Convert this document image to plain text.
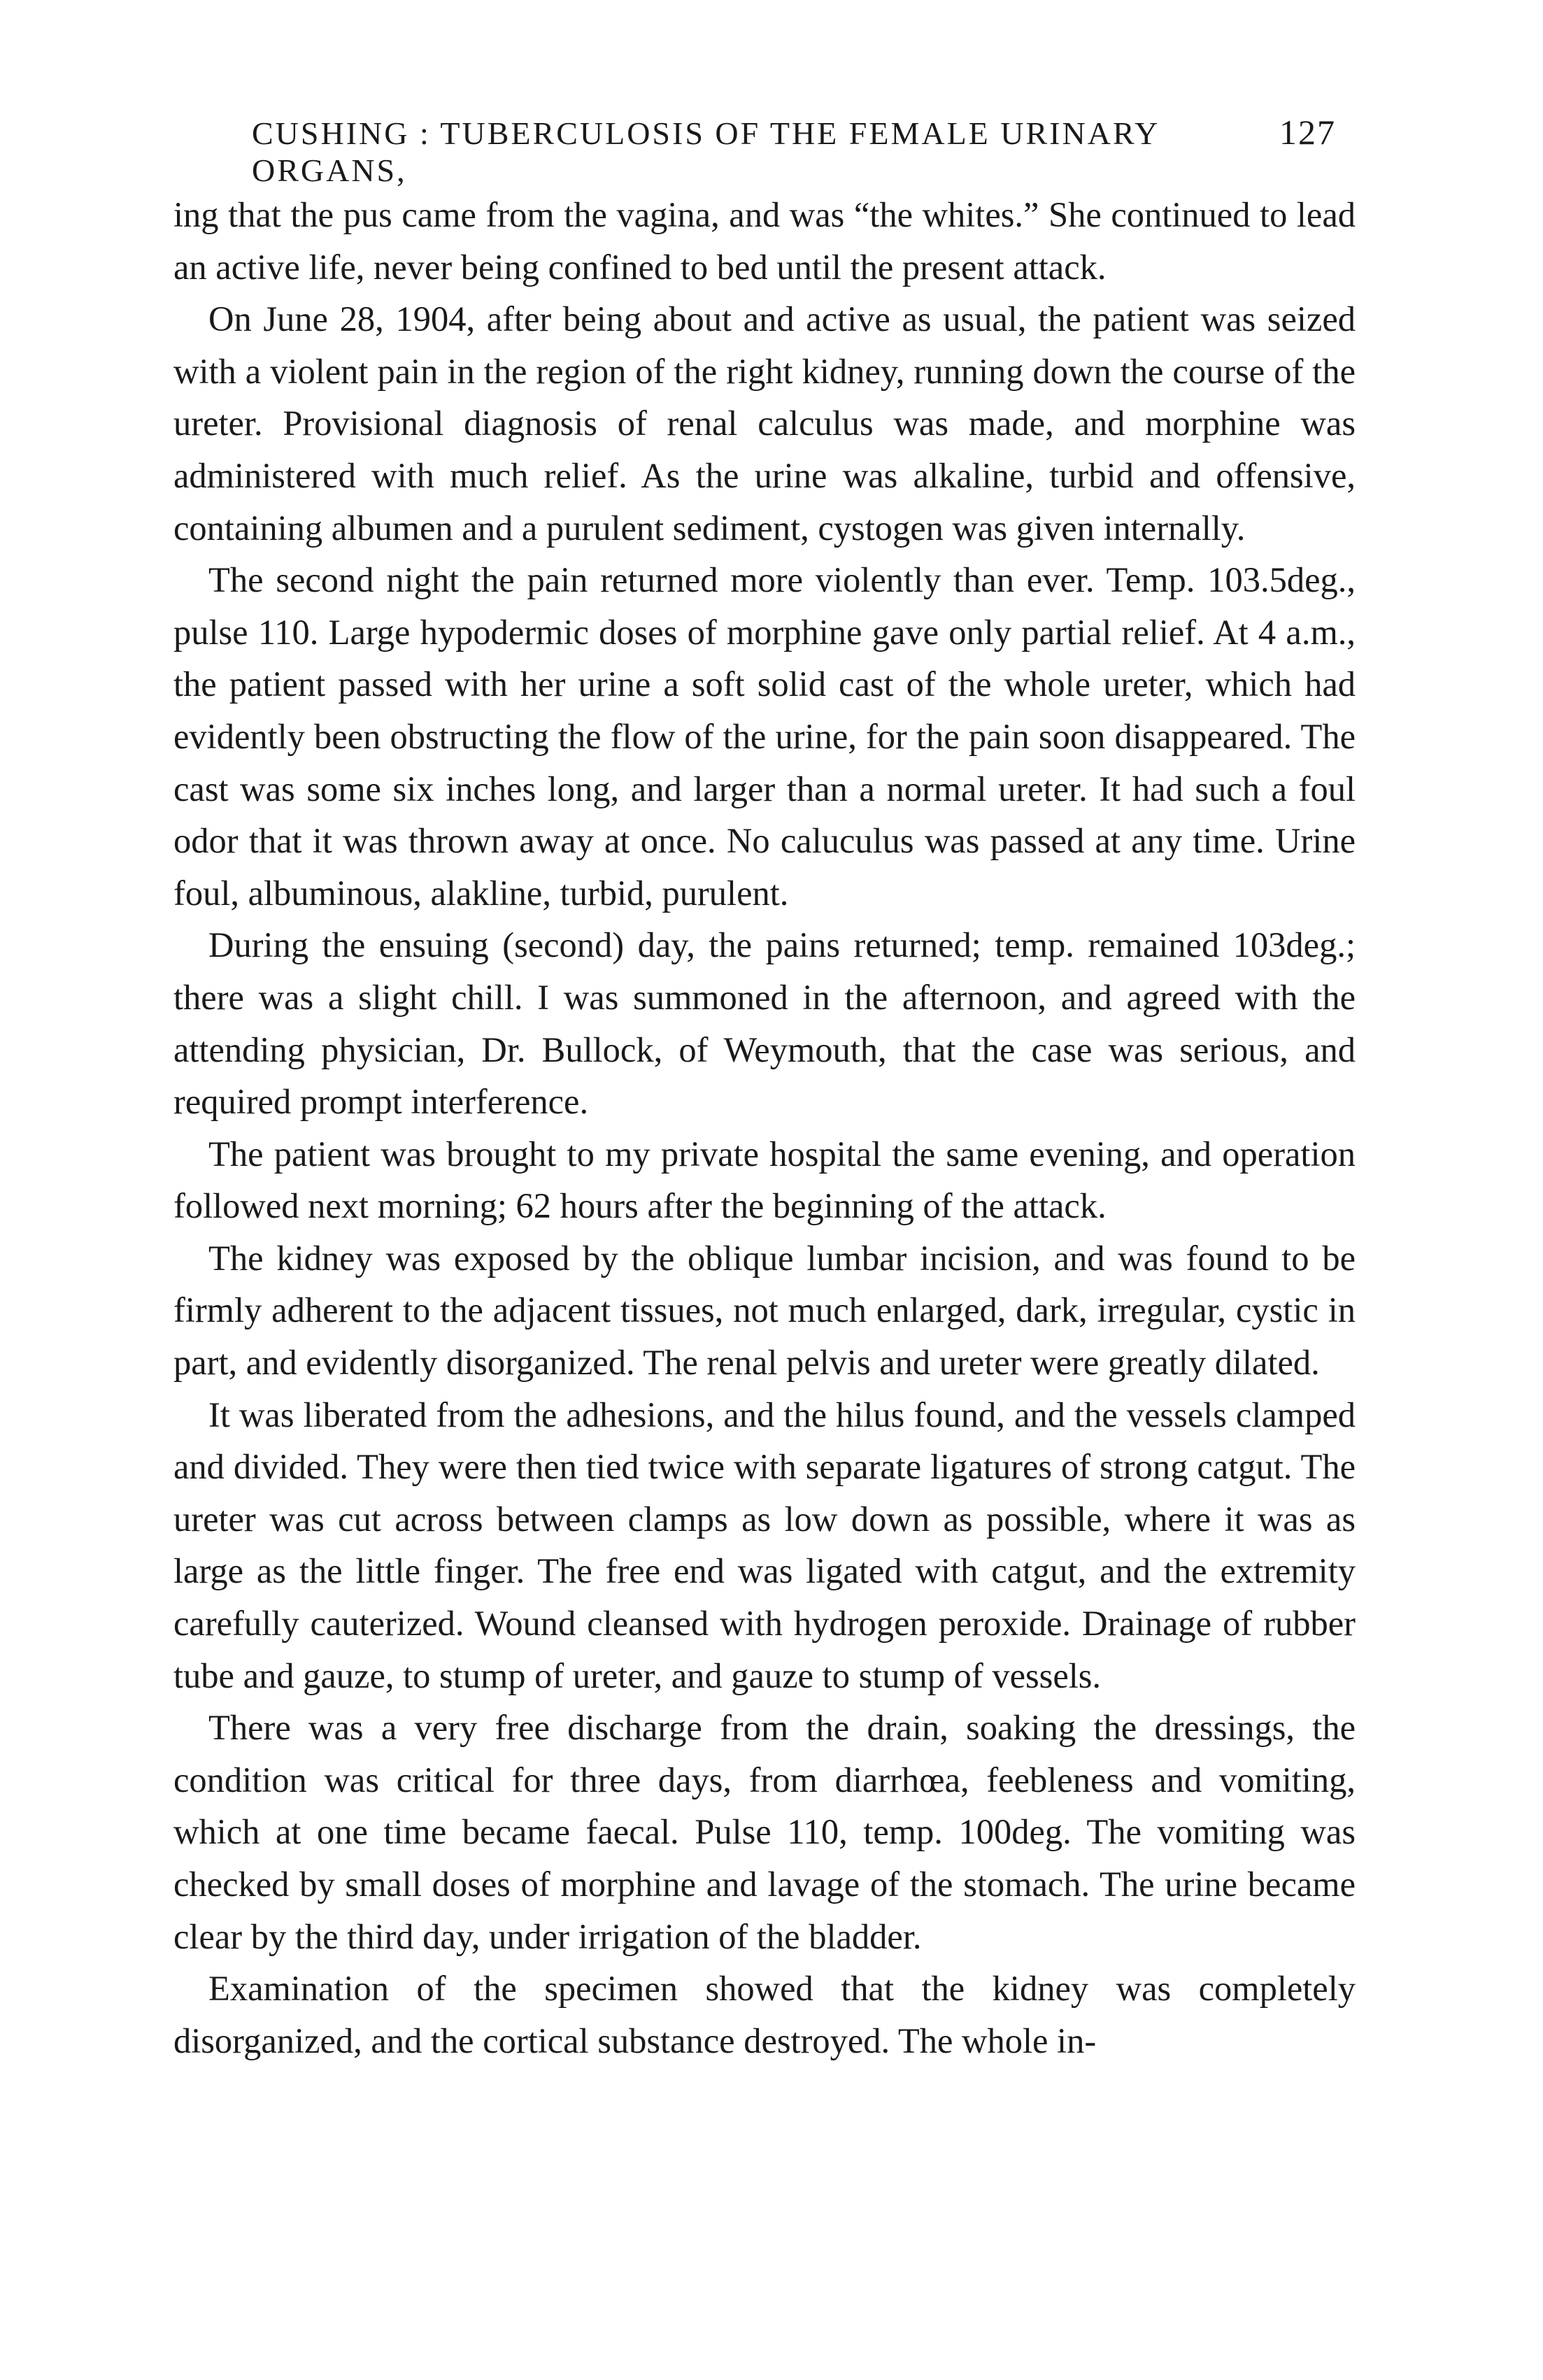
CUSHING : TUBERCULOSIS OF THE FEMALE URINARY ORGANS,
127

ing that the pus came from the vagina, and was “the whites.” She continued to lead an active life, never being confined to bed until the present attack.

On June 28, 1904, after being about and active as usual, the patient was seized with a violent pain in the region of the right kidney, running down the course of the ureter. Provisional diagnosis of renal calculus was made, and morphine was administered with much relief. As the urine was alkaline, turbid and offensive, containing albumen and a purulent sediment, cystogen was given internally.

The second night the pain returned more violently than ever. Temp. 103.5deg., pulse 110. Large hypodermic doses of morphine gave only partial relief. At 4 a.m., the patient passed with her urine a soft solid cast of the whole ureter, which had evidently been obstructing the flow of the urine, for the pain soon disappeared. The cast was some six inches long, and larger than a normal ureter. It had such a foul odor that it was thrown away at once. No caluculus was passed at any time. Urine foul, albuminous, alakline, turbid, purulent.

During the ensuing (second) day, the pains returned; temp. remained 103deg.; there was a slight chill. I was summoned in the afternoon, and agreed with the attending physician, Dr. Bullock, of Weymouth, that the case was serious, and required prompt interference.

The patient was brought to my private hospital the same evening, and operation followed next morning; 62 hours after the beginning of the attack.

The kidney was exposed by the oblique lumbar incision, and was found to be firmly adherent to the adjacent tissues, not much enlarged, dark, irregular, cystic in part, and evidently disorganized. The renal pelvis and ureter were greatly dilated.

It was liberated from the adhesions, and the hilus found, and the vessels clamped and divided. They were then tied twice with separate ligatures of strong catgut. The ureter was cut across between clamps as low down as possible, where it was as large as the little finger. The free end was ligated with catgut, and the extremity carefully cauterized. Wound cleansed with hydrogen peroxide. Drainage of rubber tube and gauze, to stump of ureter, and gauze to stump of vessels.

There was a very free discharge from the drain, soaking the dressings, the condition was critical for three days, from diarrhœa, feebleness and vomiting, which at one time became faecal. Pulse 110, temp. 100deg. The vomiting was checked by small doses of morphine and lavage of the stomach. The urine became clear by the third day, under irrigation of the bladder.

Examination of the specimen showed that the kidney was completely disorganized, and the cortical substance destroyed. The whole in-
